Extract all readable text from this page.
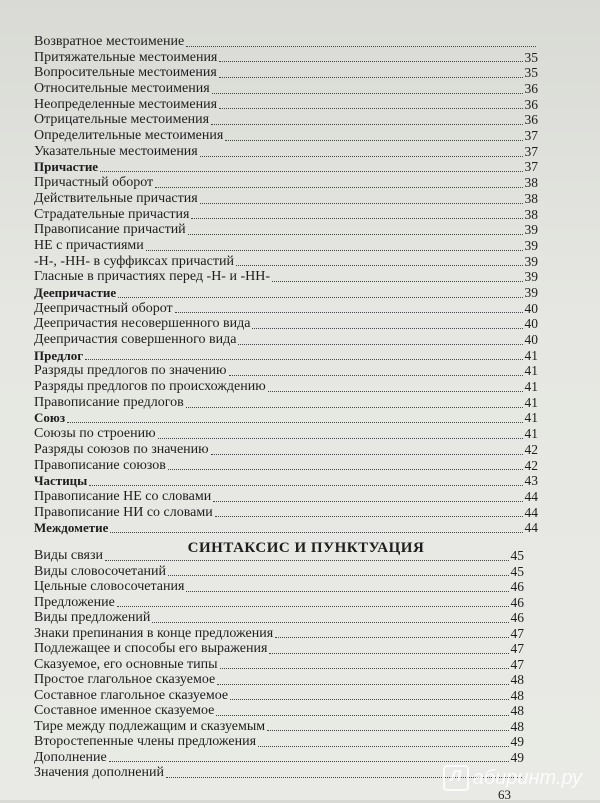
Возвратное местоимение
Притяжательные местоимения	35
Вопросительные местоимения	35
Относительные местоимения	36
Неопределенные местоимения	36
Отрицательные местоимения	36
Определительные местоимения	37
Указательные местоимения	37
Причастие	37
Причастный оборот	38
Действительные причастия	38
Страдательные причастия	38
Правописание причастий	39
НЕ с причастиями	39
-Н-, -НН- в суффиксах причастий	39
Гласные в причастиях перед -Н- и -НН-	39
Деепричастие	39
Деепричастный оборот	40
Деепричастия несовершенного вида	40
Деепричастия совершенного вида	40
Предлог	41
Разряды предлогов по значению	41
Разряды предлогов по происхождению	41
Правописание предлогов	41
Союз	41
Союзы по строению	41
Разряды союзов по значению	42
Правописание союзов	42
Частицы	43
Правописание НЕ со словами	44
Правописание НИ со словами	44
Междометие	44
СИНТАКСИС И ПУНКТУАЦИЯ
Виды связи	45
Виды словосочетаний	45
Цельные словосочетания	46
Предложение	46
Виды предложений	46
Знаки препинания в конце предложения	47
Подлежащее и способы его выражения	47
Сказуемое, его основные типы	47
Простое глагольное сказуемое	48
Составное глагольное сказуемое	48
Составное именное сказуемое	48
Тире между подлежащим и сказуемым	48
Второстепенные члены предложения	49
Дополнение	49
Значения дополнений
63
Л абиринт.ру
